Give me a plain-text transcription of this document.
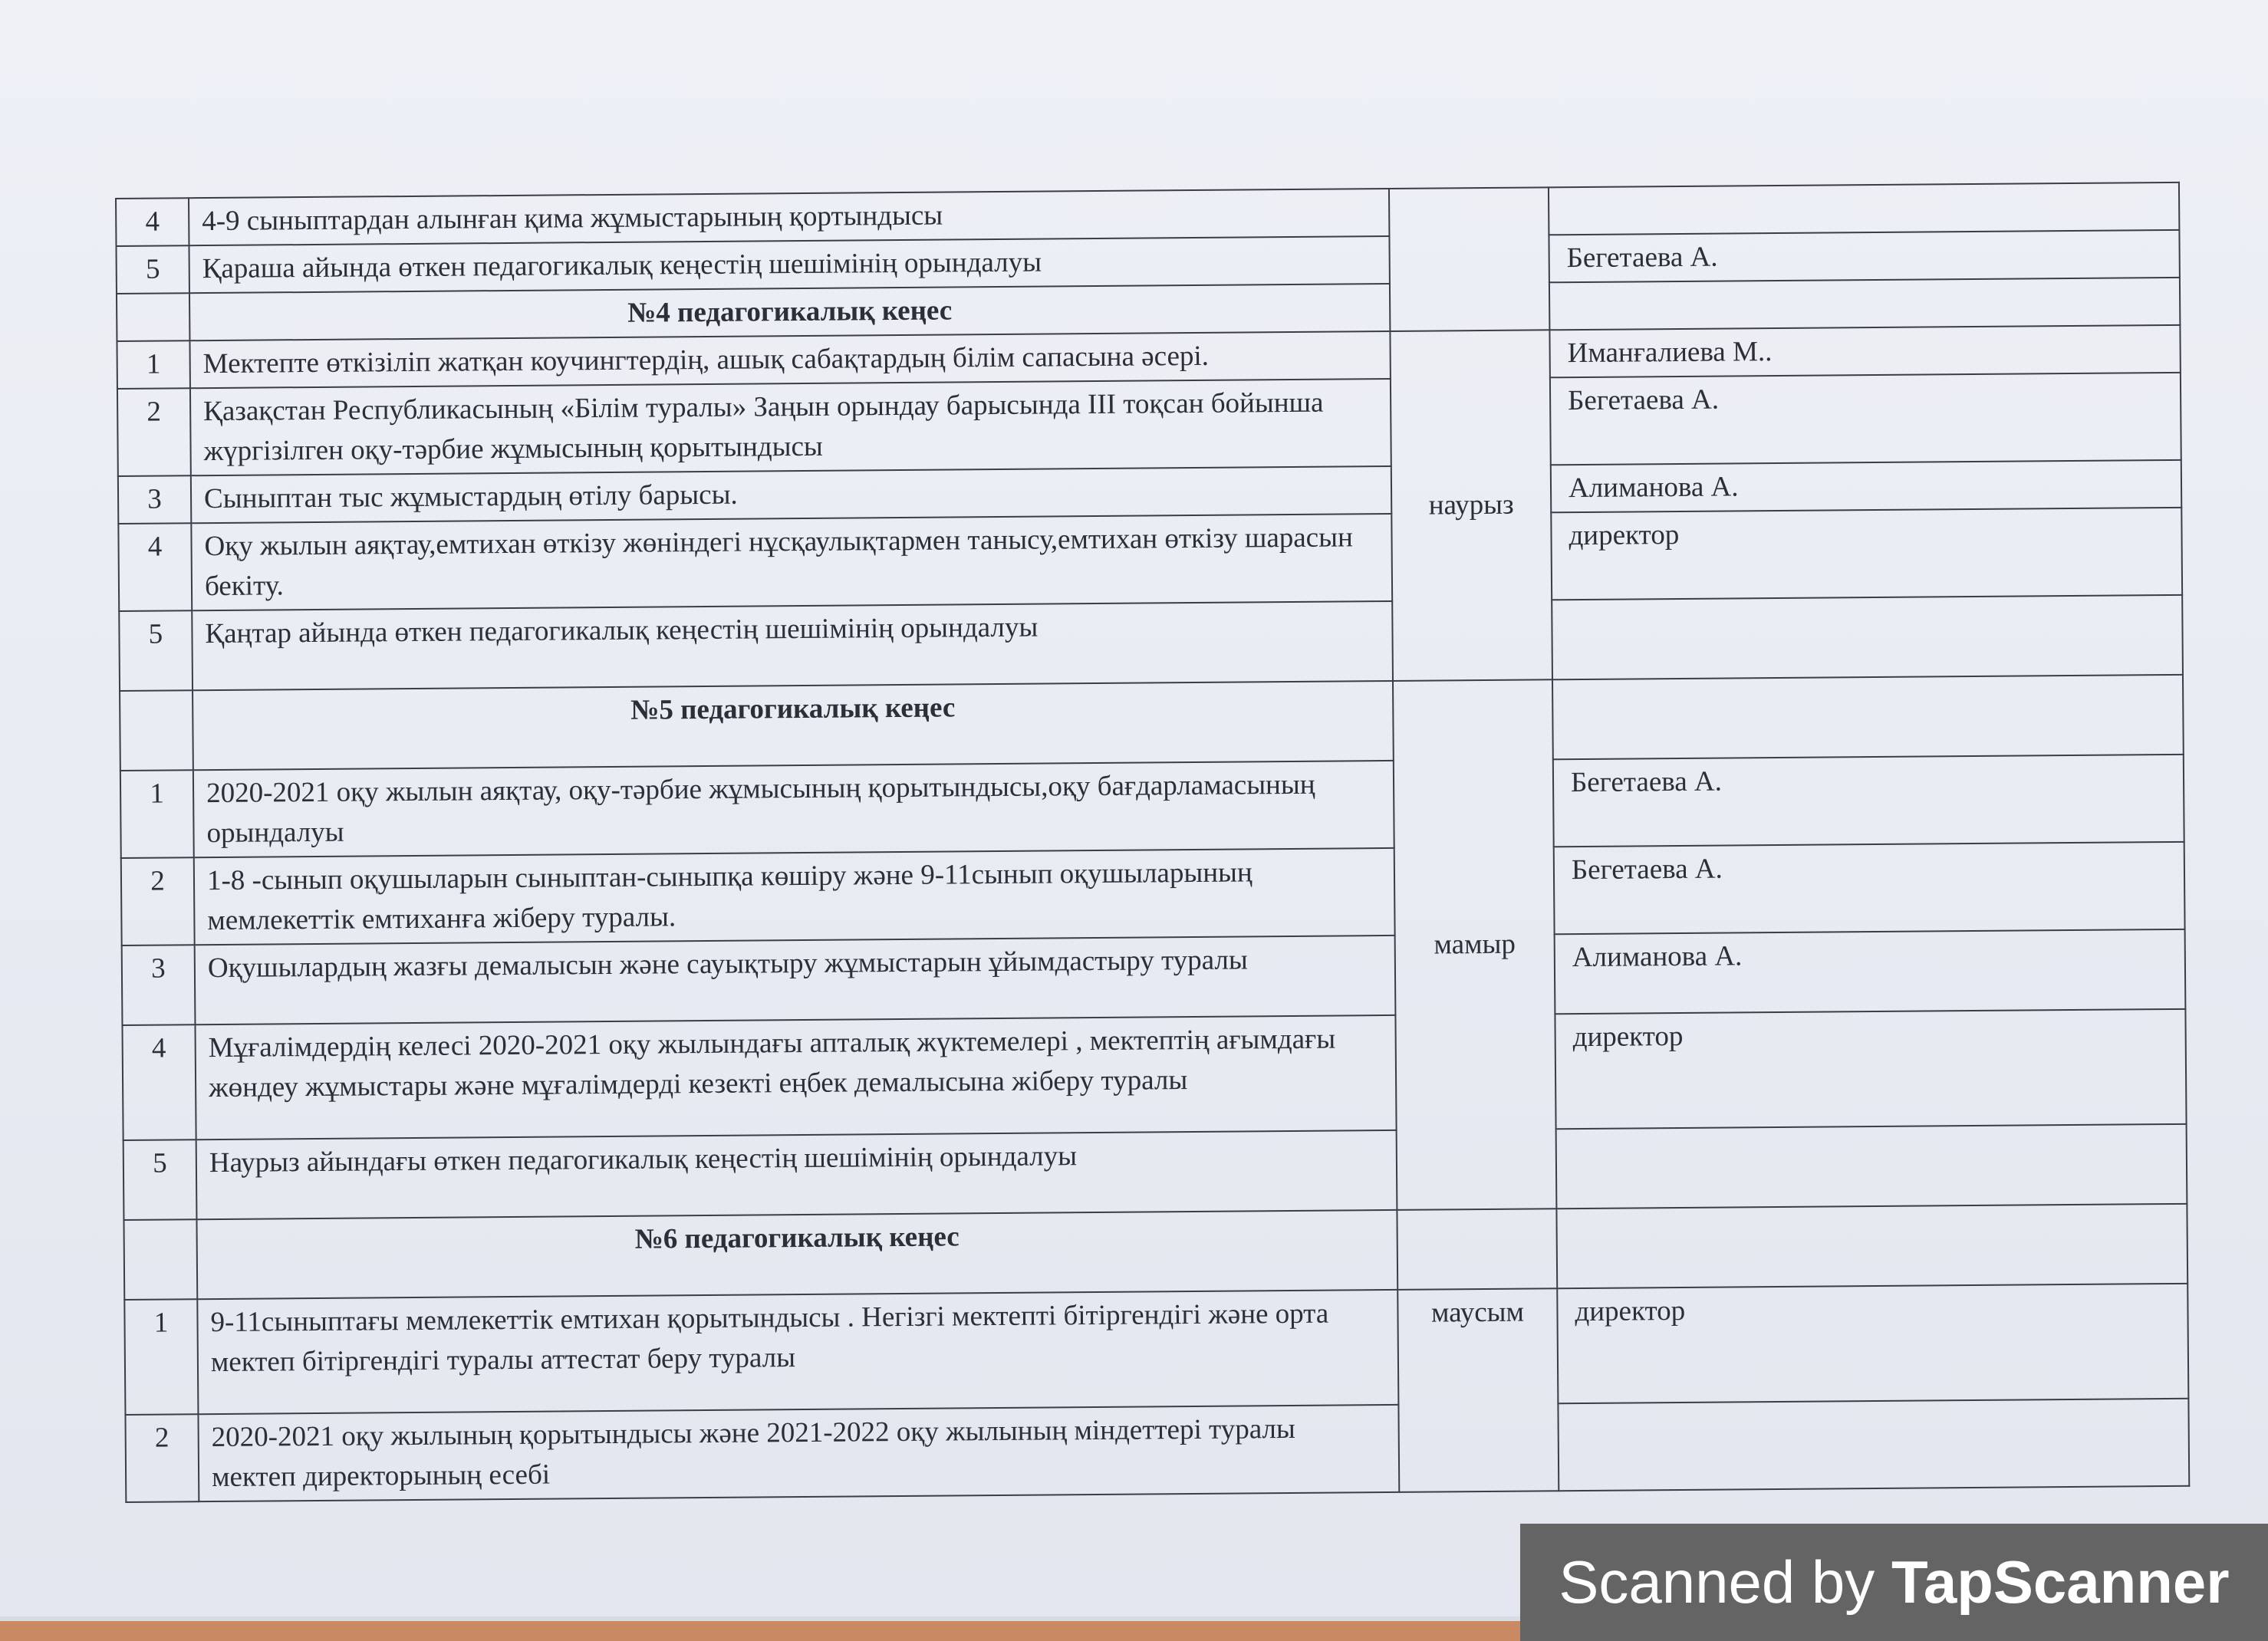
4	4-9 сыныптардан алынған қима жұмыстарының қортындысы		
5	Қараша айында өткен педагогикалық кеңестің шешімінің орындалуы		Бегетаева А.
	№4 педагогикалық кеңес		
1	Мектепте өткізіліп жатқан коучингтердің, ашық сабақтардың білім сапасына әсері.	наурыз	Иманғалиева М..
2	Қазақстан Республикасының «Білім туралы» Заңын орындау барысында ІІІ тоқсан бойынша жүргізілген оқу-тәрбие жұмысының қорытындысы		Бегетаева А.
3	Сыныптан тыс жұмыстардың өтілу барысы.		Алиманова А.
4	Оқу жылын аяқтау,емтихан өткізу жөніндегі нұсқаулықтармен танысу,емтихан өткізу шарасын бекіту.		директор
5	Қаңтар айында өткен педагогикалық кеңестің шешімінің орындалуы		
	№5 педагогикалық кеңес	мамыр	
1	2020-2021 оқу жылын аяқтау, оқу-тәрбие жұмысының қорытындысы,оқу бағдарламасының орындалуы		Бегетаева А.
2	1-8 -сынып оқушыларын сыныптан-сыныпқа көшіру және 9-11сынып оқушыларының мемлекеттік емтиханға жіберу туралы.		Бегетаева А.
3	Оқушылардың жазғы демалысын және сауықтыру жұмыстарын ұйымдастыру туралы		Алиманова А.
4	Мұғалімдердің келесі 2020-2021 оқу жылындағы апталық жүктемелері , мектептің ағымдағы жөндеу жұмыстары және мұғалімдерді кезекті еңбек демалысына жіберу туралы		директор
5	Наурыз айындағы өткен педагогикалық кеңестің шешімінің орындалуы		
	№6 педагогикалық кеңес		
1	9-11сыныптағы мемлекеттік емтихан қорытындысы . Негізгі мектепті бітіргендігі және орта мектеп бітіргендігі туралы аттестат беру туралы	маусым	директор
2	2020-2021 оқу жылының қорытындысы және 2021-2022 оқу жылының міндеттері туралы мектеп директорының есебі		
Scanned by TapScanner
